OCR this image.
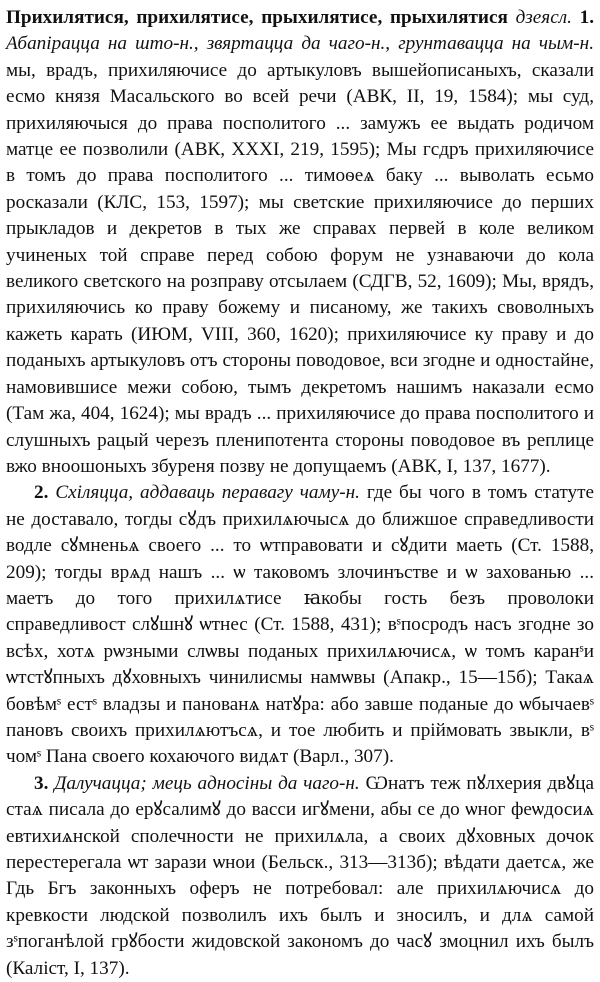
Прихилятися, прихилятисе, прыхилятисе, прыхилятися дзеясл. 1. Абапірацца на што-н., звяртацца да чаго-н., грунтавацца на чым-н. мы, врадъ, прихиляючисе до артыкуловъ вышейописаныхъ, сказали есмо князя Масальского во всей речи (АВК, II, 19, 1584); мы суд, прихиляючыся до права посполитого ... замужъ ее выдать родичом матце ее позволили (АВК, XXXI, 219, 1595); Мы гсдръ прихиляючисе в томъ до права посполитого ... тимоѳеѧ баку ... выволать есьмо росказали (КЛС, 153, 1597); мы светские прихиляючисе до перших прыкладов и декретов в тых же справах первей в коле великом учиненых той справе перед собою форум не узнаваючи до кола великого светского на розправу отсылаем (СДГВ, 52, 1609); Мы, врядъ, прихиляючись ко праву божему и писаному, же такихъ своволныхъ кажеть карать (ИЮМ, VIII, 360, 1620); прихиляючисе ку праву и до поданыхъ артыкуловъ отъ стороны поводовое, вси згодне и одностайне, намовившисе межи собою, тымъ декретомъ нашимъ наказали есмо (Там жа, 404, 1624); мы врадъ ... прихиляючисе до права посполитого и слушныхъ рацый черезъ пленипотента стороны поводовое въ реплице вжо вноошоныхъ збуреня позву не допущаемъ (АВК, I, 137, 1677).

2. Схіляцца, аддаваць перавагу чаму-н. где бы чого в томъ статуте не доставало, тогды сꙋдъ прихилѧючысѧ до ближшое справедливости водле сꙋмненьѧ своего ... то ѡтправовати и сꙋдити маеть (Ст. 1588, 209); тогды врѧд нашъ ... ѡ таковомъ злочинъстве и ѡ захованью ... маетъ до того прихилѧтисе ꙗкобы гость безъ проволоки справедливост слꙋшнꙋ ѡтнес (Ст. 1588, 431); вˢпосродъ насъ згодне зо всѣх, хотѧ рѡзными слѡвы поданых прихилѧючисѧ, ѡ томъ каранˢи ѡтстꙋпныхъ дꙋховныхъ чинилисмы намѡвы (Апакр., 15—15б); Такаѧ бовѣмˢ естˢ владзы и панованѧ натꙋра: або завше поданые до ѡбычаевˢ пановъ своихъ прихилѧютъсѧ, и тое любить и прiймовать звыкли, вˢ чомˢ Пана своего кохаючого видѧт (Варл., 307).

3. Далучацца; мець адносіны да чаго-н. Ѡнатъ теж пꙋлхерия двꙋца стаѧ писала до ерꙋсалимꙋ до васси игꙋмени, абы се до ѡног феѡдосиѧ евтихиѧнской сполечности не прихилѧла, а своих дꙋховных дочок перестерегала ѡт зарази ѡнои (Бельск., 313—313б); вѣдати даетсѧ, же Гдь Бгъ законныхъ оферъ не потребовал: але прихилѧючисѧ до кревкости людской позволилъ ихъ былъ и зносилъ, и длѧ самой зˢпоганѣлой грꙋбости жидовской закономъ до часꙋ змоцнил ихъ былъ (Каліст, I, 137).
